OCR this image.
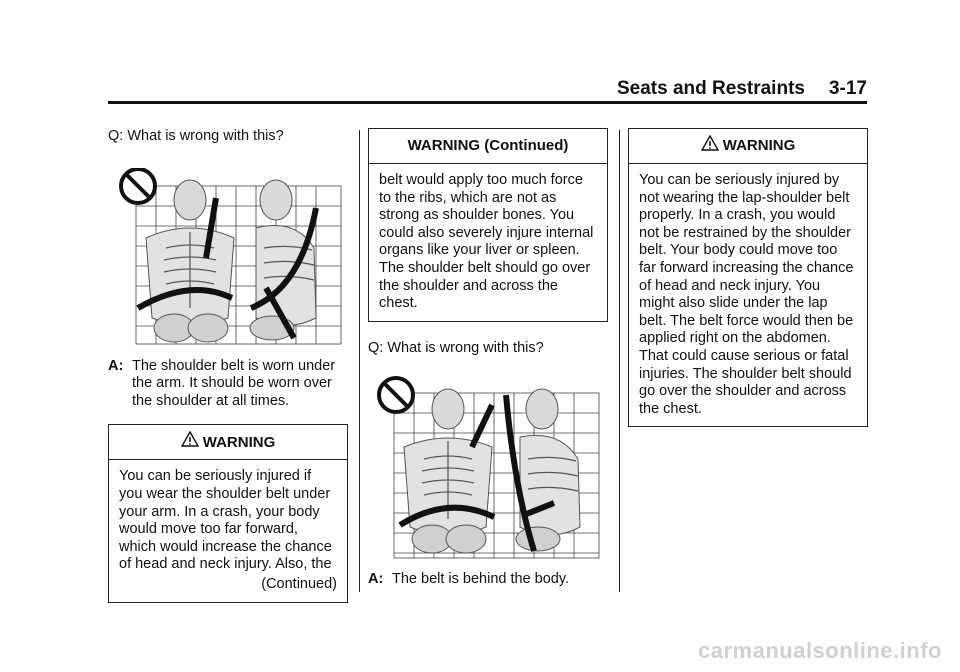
Seats and Restraints 3-17

Q: What is wrong with this?

A: The shoulder belt is worn under the arm. It should be worn over the shoulder at all times.
WARNING
You can be seriously injured if you wear the shoulder belt under your arm. In a crash, your body would move too far forward, which would increase the chance of head and neck injury. Also, the
(Continued)
WARNING (Continued)
belt would apply too much force to the ribs, which are not as strong as shoulder bones. You could also severely injure internal organs like your liver or spleen. The shoulder belt should go over the shoulder and across the chest.

Q: What is wrong with this?

A: The belt is behind the body.
WARNING
You can be seriously injured by not wearing the lap-shoulder belt properly. In a crash, you would not be restrained by the shoulder belt. Your body could move too far forward increasing the chance of head and neck injury. You might also slide under the lap belt. The belt force would then be applied right on the abdomen. That could cause serious or fatal injuries. The shoulder belt should go over the shoulder and across the chest.
carmanualsonline.info
